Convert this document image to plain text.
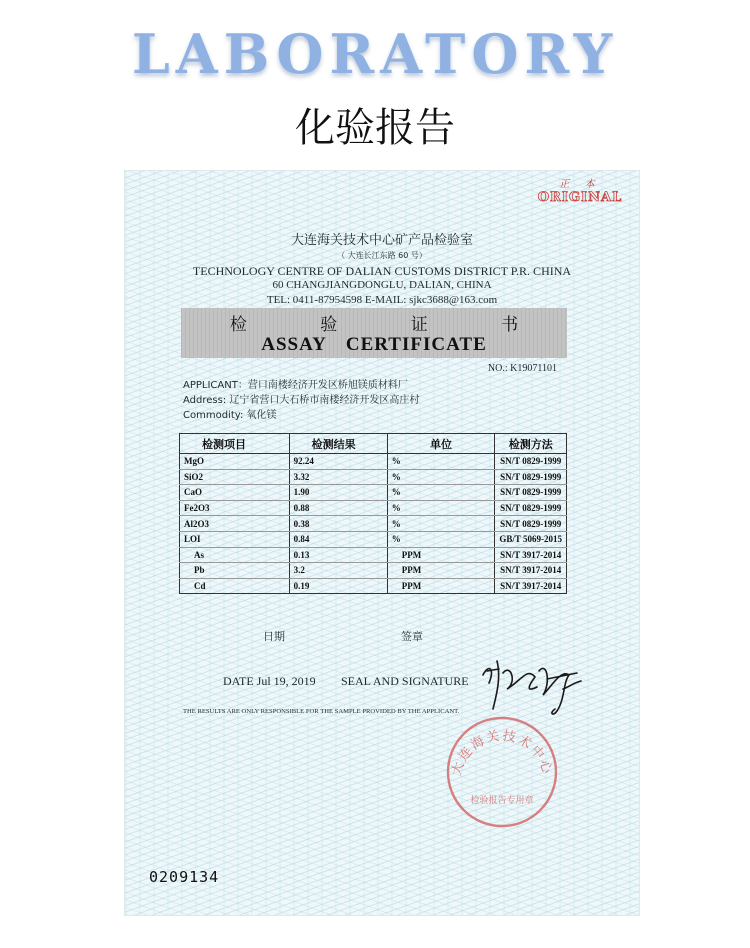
LABORATORY
化验报告
正 本
ORIGINAL
大连海关技术中心矿产品检验室
（ 大连长江东路 60 号）
TECHNOLOGY CENTRE OF DALIAN CUSTOMS DISTRICT P.R. CHINA
60 CHANGJIANGDONGLU, DALIAN, CHINA
TEL: 0411-87954598 E-MAIL: sjkc3688@163.com
检 验 证 书
ASSAY CERTIFICATE
NO.: K19071101
APPLICANT：营口南楼经济开发区桥旭镁质材料厂
Address: 辽宁省营口大石桥市南楼经济开发区高庄村
Commodity: 氧化镁
检测项目	检测结果	单位	检测方法
MgO	92.24	%	SN/T 0829-1999
SiO2	3.32	%	SN/T 0829-1999
CaO	1.90	%	SN/T 0829-1999
Fe2O3	0.88	%	SN/T 0829-1999
Al2O3	0.38	%	SN/T 0829-1999
LOI	0.84	%	GB/T 5069-2015
As	0.13	PPM	SN/T 3917-2014
Pb	3.2	PPM	SN/T 3917-2014
Cd	0.19	PPM	SN/T 3917-2014
日期	签章
DATE Jul 19, 2019 SEAL AND SIGNATURE
THE RESULTS ARE ONLY RESPONSIBLE FOR THE SAMPLE PROVIDED BY THE APPLICANT.
大连海关技术中心
检验报告专用章
0209134
